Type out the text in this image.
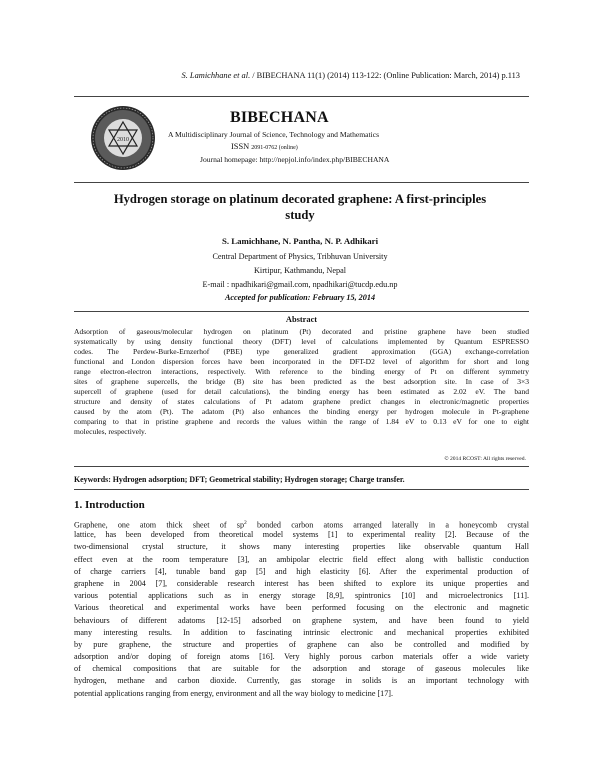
S. Lamichhane et al. / BIBECHANA 11(1) (2014) 113-122: (Online Publication: March, 2014) p.113
2010
BIBECHANA
A Multidisciplinary Journal of Science, Technology and Mathematics
ISSN 2091-0762 (online)
Journal homepage: http://nepjol.info/index.php/BIBECHANA
Hydrogen storage on platinum decorated graphene: A first-principles
study
S. Lamichhane, N. Pantha, N. P. Adhikari
Central Department of Physics, Tribhuvan University
Kirtipur, Kathmandu, Nepal
E-mail : npadhikari@gmail.com, npadhikari@tucdp.edu.np
Accepted for publication: February 15, 2014
Abstract
Adsorption of gaseous/molecular hydrogen on platinum (Pt) decorated and pristine graphene have been studied
systematically by using density functional theory (DFT) level of calculations implemented by Quantum ESPRESSO
codes. The Perdew-Burke-Ernzerhof (PBE) type generalized gradient approximation (GGA) exchange-correlation
functional and London dispersion forces have been incorporated in the DFT-D2 level of algorithm for short and long
range electron-electron interactions, respectively. With reference to the binding energy of Pt on different symmetry
sites of graphene supercells, the bridge (B) site has been predicted as the best adsorption site. In case of 3×3
supercell of graphene (used for detail calculations), the binding energy has been estimated as 2.02 eV. The band
structure and density of states calculations of Pt adatom graphene predict changes in electronic/magnetic properties
caused by the atom (Pt). The adatom (Pt) also enhances the binding energy per hydrogen molecule in Pt-graphene
comparing to that in pristine graphene and records the values within the range of 1.84 eV to 0.13 eV for one to eight
molecules, respectively.
© 2014 RCOST: All rights reserved.
Keywords: Hydrogen adsorption; DFT; Geometrical stability; Hydrogen storage; Charge transfer.
1. Introduction
Graphene, one atom thick sheet of $sp^2$ bonded carbon atoms arranged laterally in a honeycomb crystal
lattice, has been developed from theoretical model systems [1] to experimental reality [2]. Because of the
two-dimensional crystal structure, it shows many interesting properties like observable quantum Hall
effect even at the room temperature [3], an ambipolar electric field effect along with ballistic conduction
of charge carriers [4], tunable band gap [5] and high elasticity [6]. After the experimental production of
graphene in 2004 [7], considerable research interest has been shifted to explore its unique properties and
various potential applications such as in energy storage [8,9], spintronics [10] and microelectronics [11].
Various theoretical and experimental works have been performed focusing on the electronic and magnetic
behaviours of different adatoms [12-15] adsorbed on graphene system, and have been found to yield
many interesting results. In addition to fascinating intrinsic electronic and mechanical properties exhibited
by pure graphene, the structure and properties of graphene can also be controlled and modified by
adsorption and/or doping of foreign atoms [16]. Very highly porous carbon materials offer a wide variety
of chemical compositions that are suitable for the adsorption and storage of gaseous molecules like
hydrogen, methane and carbon dioxide. Currently, gas storage in solids is an important technology with
potential applications ranging from energy, environment and all the way biology to medicine [17].
